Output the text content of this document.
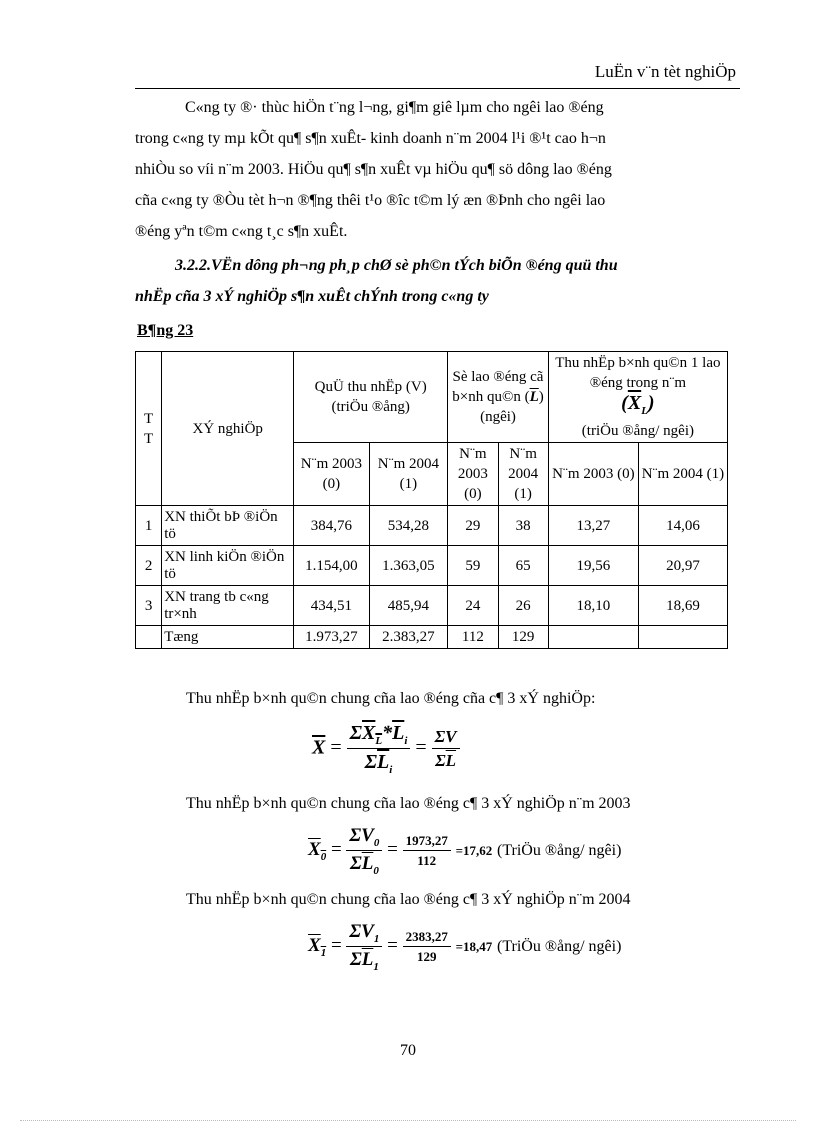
LuËn v¨n tèt nghiÖp

C«ng ty ®· thùc hiÖn t¨ng l¬ng, gi¶m giê lµm cho ngêi lao ®éng

trong c«ng ty mµ kÕt qu¶ s¶n xuÊt- kinh doanh n¨m 2004 l¹i ®¹t cao h¬n

nhiÒu so víi n¨m 2003. HiÖu qu¶ s¶n xuÊt vµ hiÖu qu¶ sö dông lao ®éng

cña c«ng ty ®Òu tèt h¬n ®¶ng thêi t¹o ®îc t©m lý æn ®Þnh cho ngêi lao

®éng yªn t©m c«ng t¸c s¶n xuÊt.

3.2.2.VËn dông ph¬ng ph¸p chØ sè ph©n tÝch biÕn ®éng quü thu
nhËp cña 3 xÝ nghiÖp s¶n xuÊt chÝnh trong c«ng ty
B¶ng 23
T T	XÝ nghiÖp	QuÜ thu nhËp (V) (triÖu ®ång)		Sè lao ®éng cã b×nh qu©n $(\overline{L})$ (ngêi)		Thu nhËp b×nh qu©n 1 lao ®éng trong n¨m
$(\overline{X}_L)$
(triÖu ®ång/ ngêi)	

		N¨m 2003 (0)	N¨m 2004 (1)	N¨m 2003 (0)	N¨m 2004 (1)	N¨m 2003 (0)	N¨m 2004 (1)
1	XN thiÕt bÞ ®iÖn tö	384,76	534,28	29	38	13,27	14,06
2	XN linh kiÖn ®iÖn tö	1.154,00	1.363,05	59	65	19,56	20,97
3	XN trang tb c«ng tr×nh	434,51	485,94	24	26	18,10	18,69
	Tæng	1.973,27	2.383,27	112	129		
Thu nhËp b×nh qu©n chung cña lao ®éng cña c¶ 3 xÝ nghiÖp:
$\overline{X} = \frac{\Sigma X_L*\overline{L}_i}{\Sigma\overline{L}_i} = \frac{\Sigma V}{\Sigma\overline{L}}$
Thu nhËp b×nh qu©n chung cña lao ®éng c¶ 3 xÝ nghiÖp n¨m 2003
$X_0 = \frac{\Sigma V_0}{\Sigma\overline{L}_0} = \frac{1973,27}{112} =17,62$ (TriÖu ®ång/ ngêi)
Thu nhËp b×nh qu©n chung cña lao ®éng c¶ 3 xÝ nghiÖp n¨m 2004
$X_1 = \frac{\Sigma V_1}{\Sigma\overline{L}_1} = \frac{2383,27}{129} =18,47$ (TriÖu ®ång/ ngêi)
70
